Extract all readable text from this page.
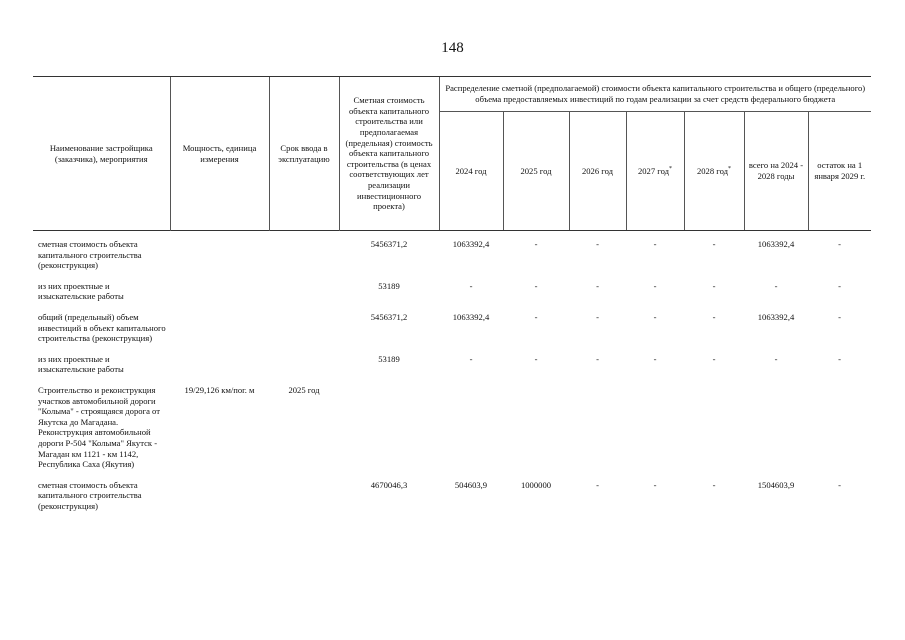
148
Наименование застройщика (заказчика), мероприятия	Мощность, единица измерения	Срок ввода в эксплуатацию	Сметная стоимость объекта капитального строительства или предполагаемая (предельная) стоимость объекта капитального строительства (в ценах соответствующих лет реализации инвестиционного проекта)	Распределение сметной (предполагаемой) стоимости объекта капитального строительства и общего (предельного) объема предоставляемых инвестиций по годам реализации за счет средств федерального бюджета						
				2024 год	2025 год	2026 год	2027 год*	2028 год*	всего на 2024 - 2028 годы	остаток на 1 января 2029 г.

сметная стоимость объекта капитального строительства (реконструкция)			5456371,2	1063392,4	-	-	-	-	1063392,4	-

из них проектные и изыскательские работы			53189	-	-	-	-	-	-	-

общий (предельный) объем инвестиций в объект капитального строительства (реконструкция)			5456371,2	1063392,4	-	-	-	-	1063392,4	-

из них проектные и изыскательские работы			53189	-	-	-	-	-	-	-

Строительство и реконструкция участков автомобильной дороги "Колыма" - строящаяся дорога от Якутска до Магадана. Реконструкция автомобильной дороги Р-504 "Колыма" Якутск - Магадан км 1121 - км 1142, Республика Саха (Якутия)	19/29,126 км/пог. м	2025 год								

сметная стоимость объекта капитального строительства (реконструкция)			4670046,3	504603,9	1000000	-	-	-	1504603,9	-
